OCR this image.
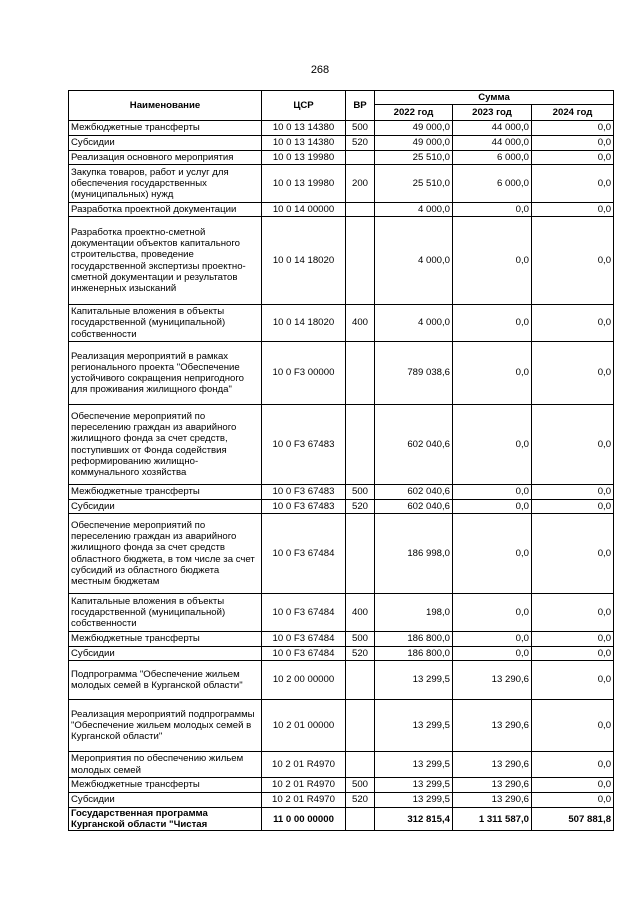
268
Наименование	ЦСР	ВР	Сумма		
			2022 год	2023 год	2024 год
Межбюджетные трансферты	10 0 13 14380	500	49 000,0	44 000,0	0,0
Субсидии	10 0 13 14380	520	49 000,0	44 000,0	0,0
Реализация основного мероприятия	10 0 13 19980		25 510,0	6 000,0	0,0
Закупка товаров, работ и услуг для обеспечения государственных (муниципальных) нужд	10 0 13 19980	200	25 510,0	6 000,0	0,0
Разработка проектной документации	10 0 14 00000		4 000,0	0,0	0,0
Разработка проектно-сметной документации объектов капитального строительства, проведение государственной экспертизы проектно-сметной документации и результатов инженерных изысканий	10 0 14 18020		4 000,0	0,0	0,0
Капитальные вложения в объекты государственной (муниципальной) собственности	10 0 14 18020	400	4 000,0	0,0	0,0
Реализация мероприятий в рамках регионального проекта "Обеспечение устойчивого сокращения непригодного для проживания жилищного фонда"	10 0 F3 00000		789 038,6	0,0	0,0
Обеспечение мероприятий по переселению граждан из аварийного жилищного фонда за счет средств, поступивших от Фонда содействия реформированию жилищно-коммунального хозяйства	10 0 F3 67483		602 040,6	0,0	0,0
Межбюджетные трансферты	10 0 F3 67483	500	602 040,6	0,0	0,0
Субсидии	10 0 F3 67483	520	602 040,6	0,0	0,0
Обеспечение мероприятий по переселению граждан из аварийного жилищного фонда за счет средств областного бюджета, в том числе за счет субсидий из областного бюджета местным бюджетам	10 0 F3 67484		186 998,0	0,0	0,0
Капитальные вложения в объекты государственной (муниципальной) собственности	10 0 F3 67484	400	198,0	0,0	0,0
Межбюджетные трансферты	10 0 F3 67484	500	186 800,0	0,0	0,0
Субсидии	10 0 F3 67484	520	186 800,0	0,0	0,0
Подпрограмма "Обеспечение жильем молодых семей в Курганской области"	10 2 00 00000		13 299,5	13 290,6	0,0
Реализация мероприятий подпрограммы "Обеспечение жильем молодых семей в Курганской области"	10 2 01 00000		13 299,5	13 290,6	0,0
Мероприятия по обеспечению жильем молодых семей	10 2 01 R4970		13 299,5	13 290,6	0,0
Межбюджетные трансферты	10 2 01 R4970	500	13 299,5	13 290,6	0,0
Субсидии	10 2 01 R4970	520	13 299,5	13 290,6	0,0
Государственная программа Курганской области "Чистая	11 0 00 00000		312 815,4	1 311 587,0	507 881,8
